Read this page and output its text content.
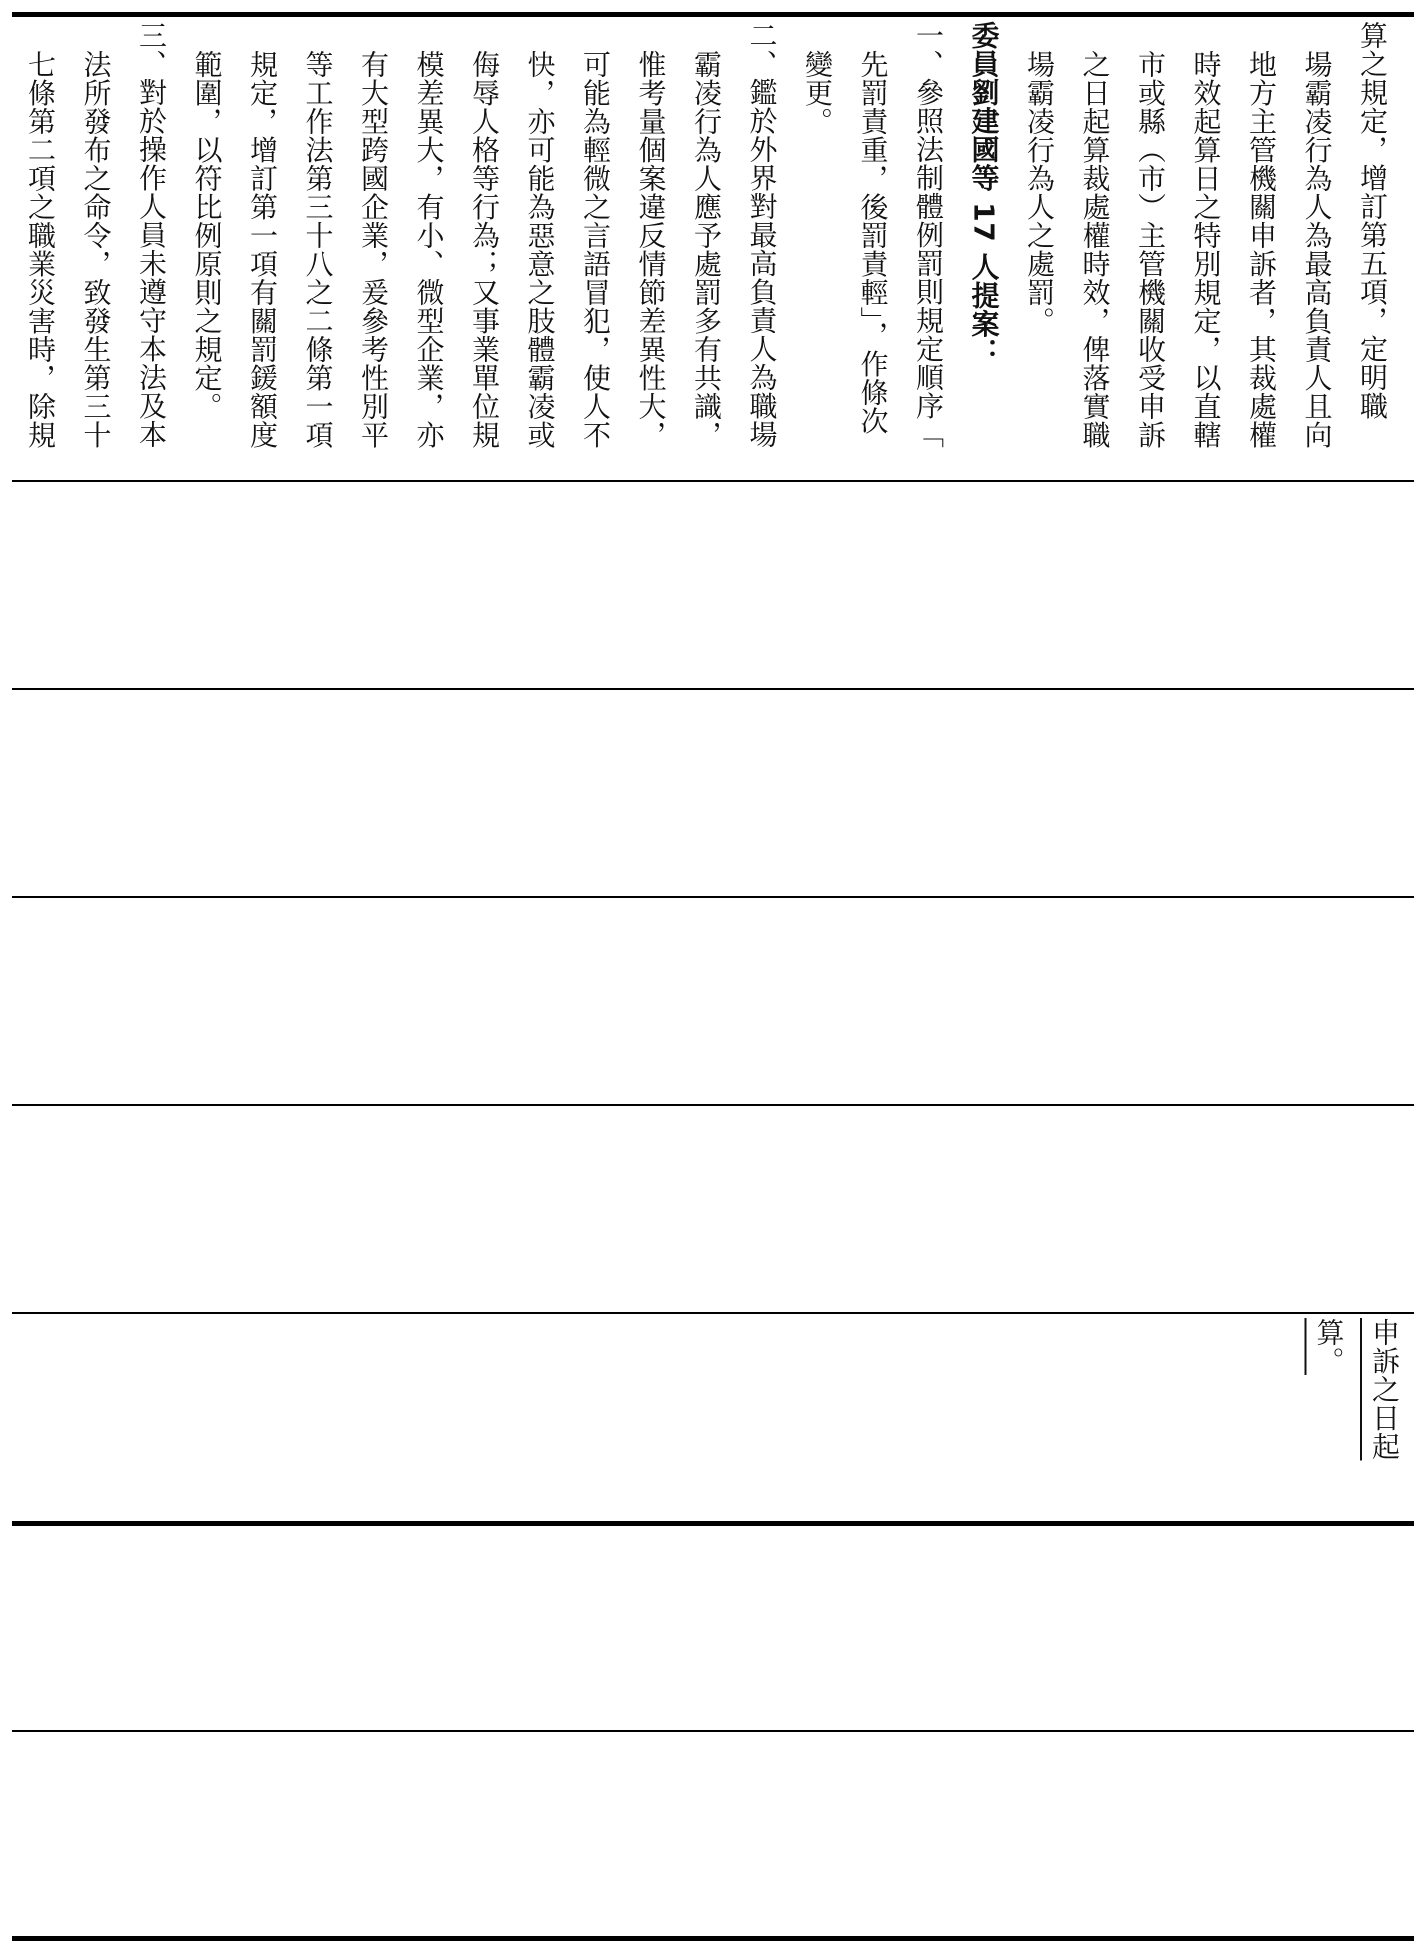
算之規定，增訂第五項，定明職
場霸凌行為人為最高負責人且向
地方主管機關申訴者，其裁處權
時效起算日之特別規定，以直轄
市或縣（市）主管機關收受申訴
之日起算裁處權時效，俾落實職
場霸凌行為人之處罰。
委員劉建國等 17 人提案：
一、參照法制體例罰則規定順序「
先罰責重，後罰責輕」，作條次
變更。
二、鑑於外界對最高負責人為職場
霸凌行為人應予處罰多有共識，
惟考量個案違反情節差異性大，
可能為輕微之言語冒犯，使人不
快，亦可能為惡意之肢體霸凌或
侮辱人格等行為；又事業單位規
模差異大，有小、微型企業，亦
有大型跨國企業，爰參考性別平
等工作法第三十八之二條第一項
規定，增訂第一項有關罰鍰額度
範圍，以符比例原則之規定。
三、對於操作人員未遵守本法及本
法所發布之命令，致發生第三十
七條第二項之職業災害時，除規
申訴之日起
算。
